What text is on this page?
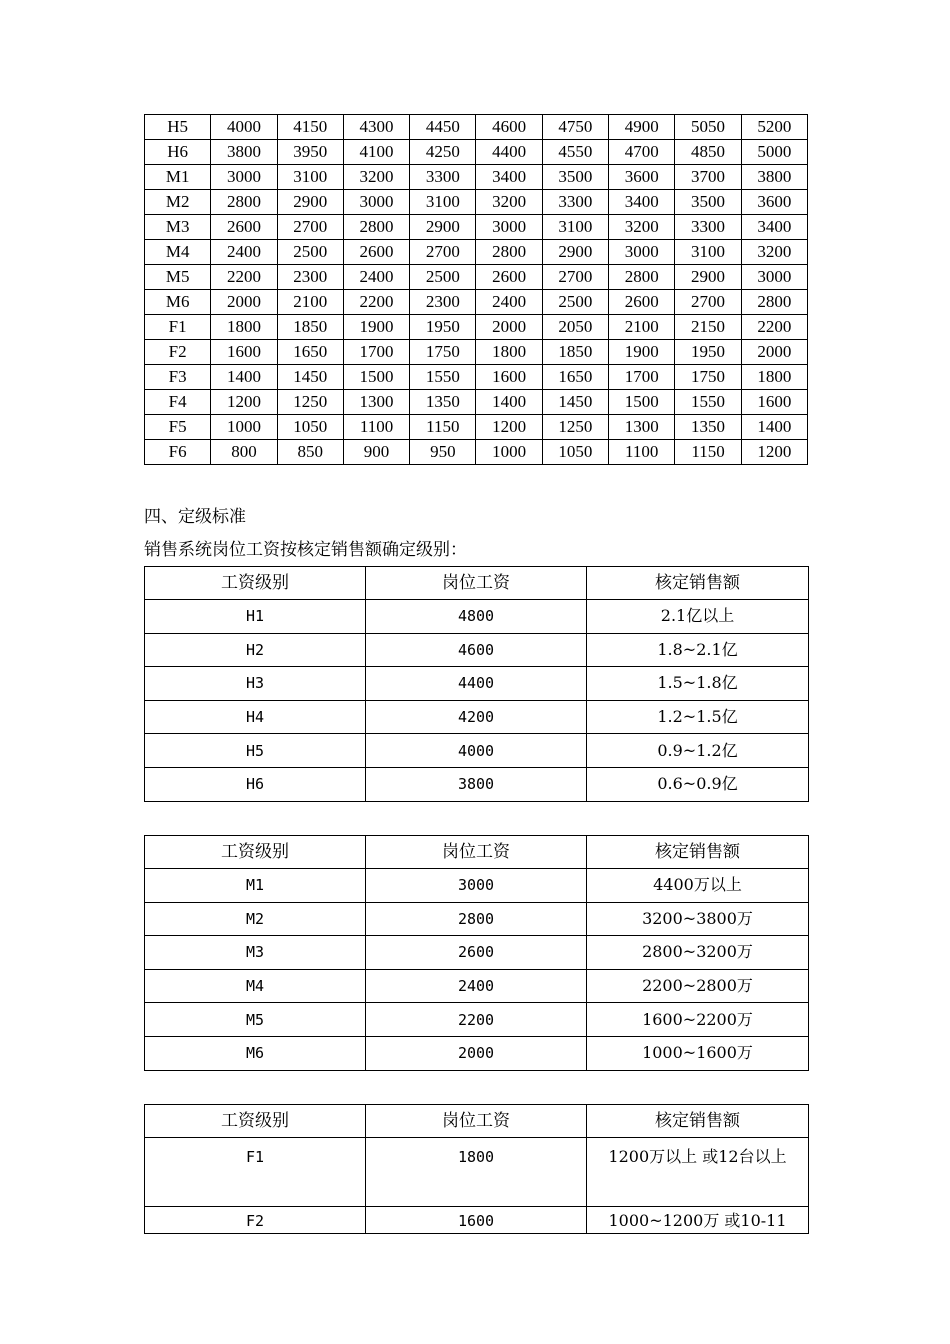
H5	4000	4150	4300	4450	4600	4750	4900	5050	5200
H6	3800	3950	4100	4250	4400	4550	4700	4850	5000
M1	3000	3100	3200	3300	3400	3500	3600	3700	3800
M2	2800	2900	3000	3100	3200	3300	3400	3500	3600
M3	2600	2700	2800	2900	3000	3100	3200	3300	3400
M4	2400	2500	2600	2700	2800	2900	3000	3100	3200
M5	2200	2300	2400	2500	2600	2700	2800	2900	3000
M6	2000	2100	2200	2300	2400	2500	2600	2700	2800
F1	1800	1850	1900	1950	2000	2050	2100	2150	2200
F2	1600	1650	1700	1750	1800	1850	1900	1950	2000
F3	1400	1450	1500	1550	1600	1650	1700	1750	1800
F4	1200	1250	1300	1350	1400	1450	1500	1550	1600
F5	1000	1050	1100	1150	1200	1250	1300	1350	1400
F6	800	850	900	950	1000	1050	1100	1150	1200
四、定级标准
销售系统岗位工资按核定销售额确定级别：
工资级别	岗位工资	核定销售额
H1	4800	2.1亿以上
H2	4600	1.8~2.1亿
H3	4400	1.5~1.8亿
H4	4200	1.2~1.5亿
H5	4000	0.9~1.2亿
H6	3800	0.6~0.9亿
工资级别	岗位工资	核定销售额
M1	3000	4400万以上
M2	2800	3200~3800万
M3	2600	2800~3200万
M4	2400	2200~2800万
M5	2200	1600~2200万
M6	2000	1000~1600万
工资级别	岗位工资	核定销售额
F1	1800	1200万以上 或12台以上
F2	1600	1000~1200万 或10-11
